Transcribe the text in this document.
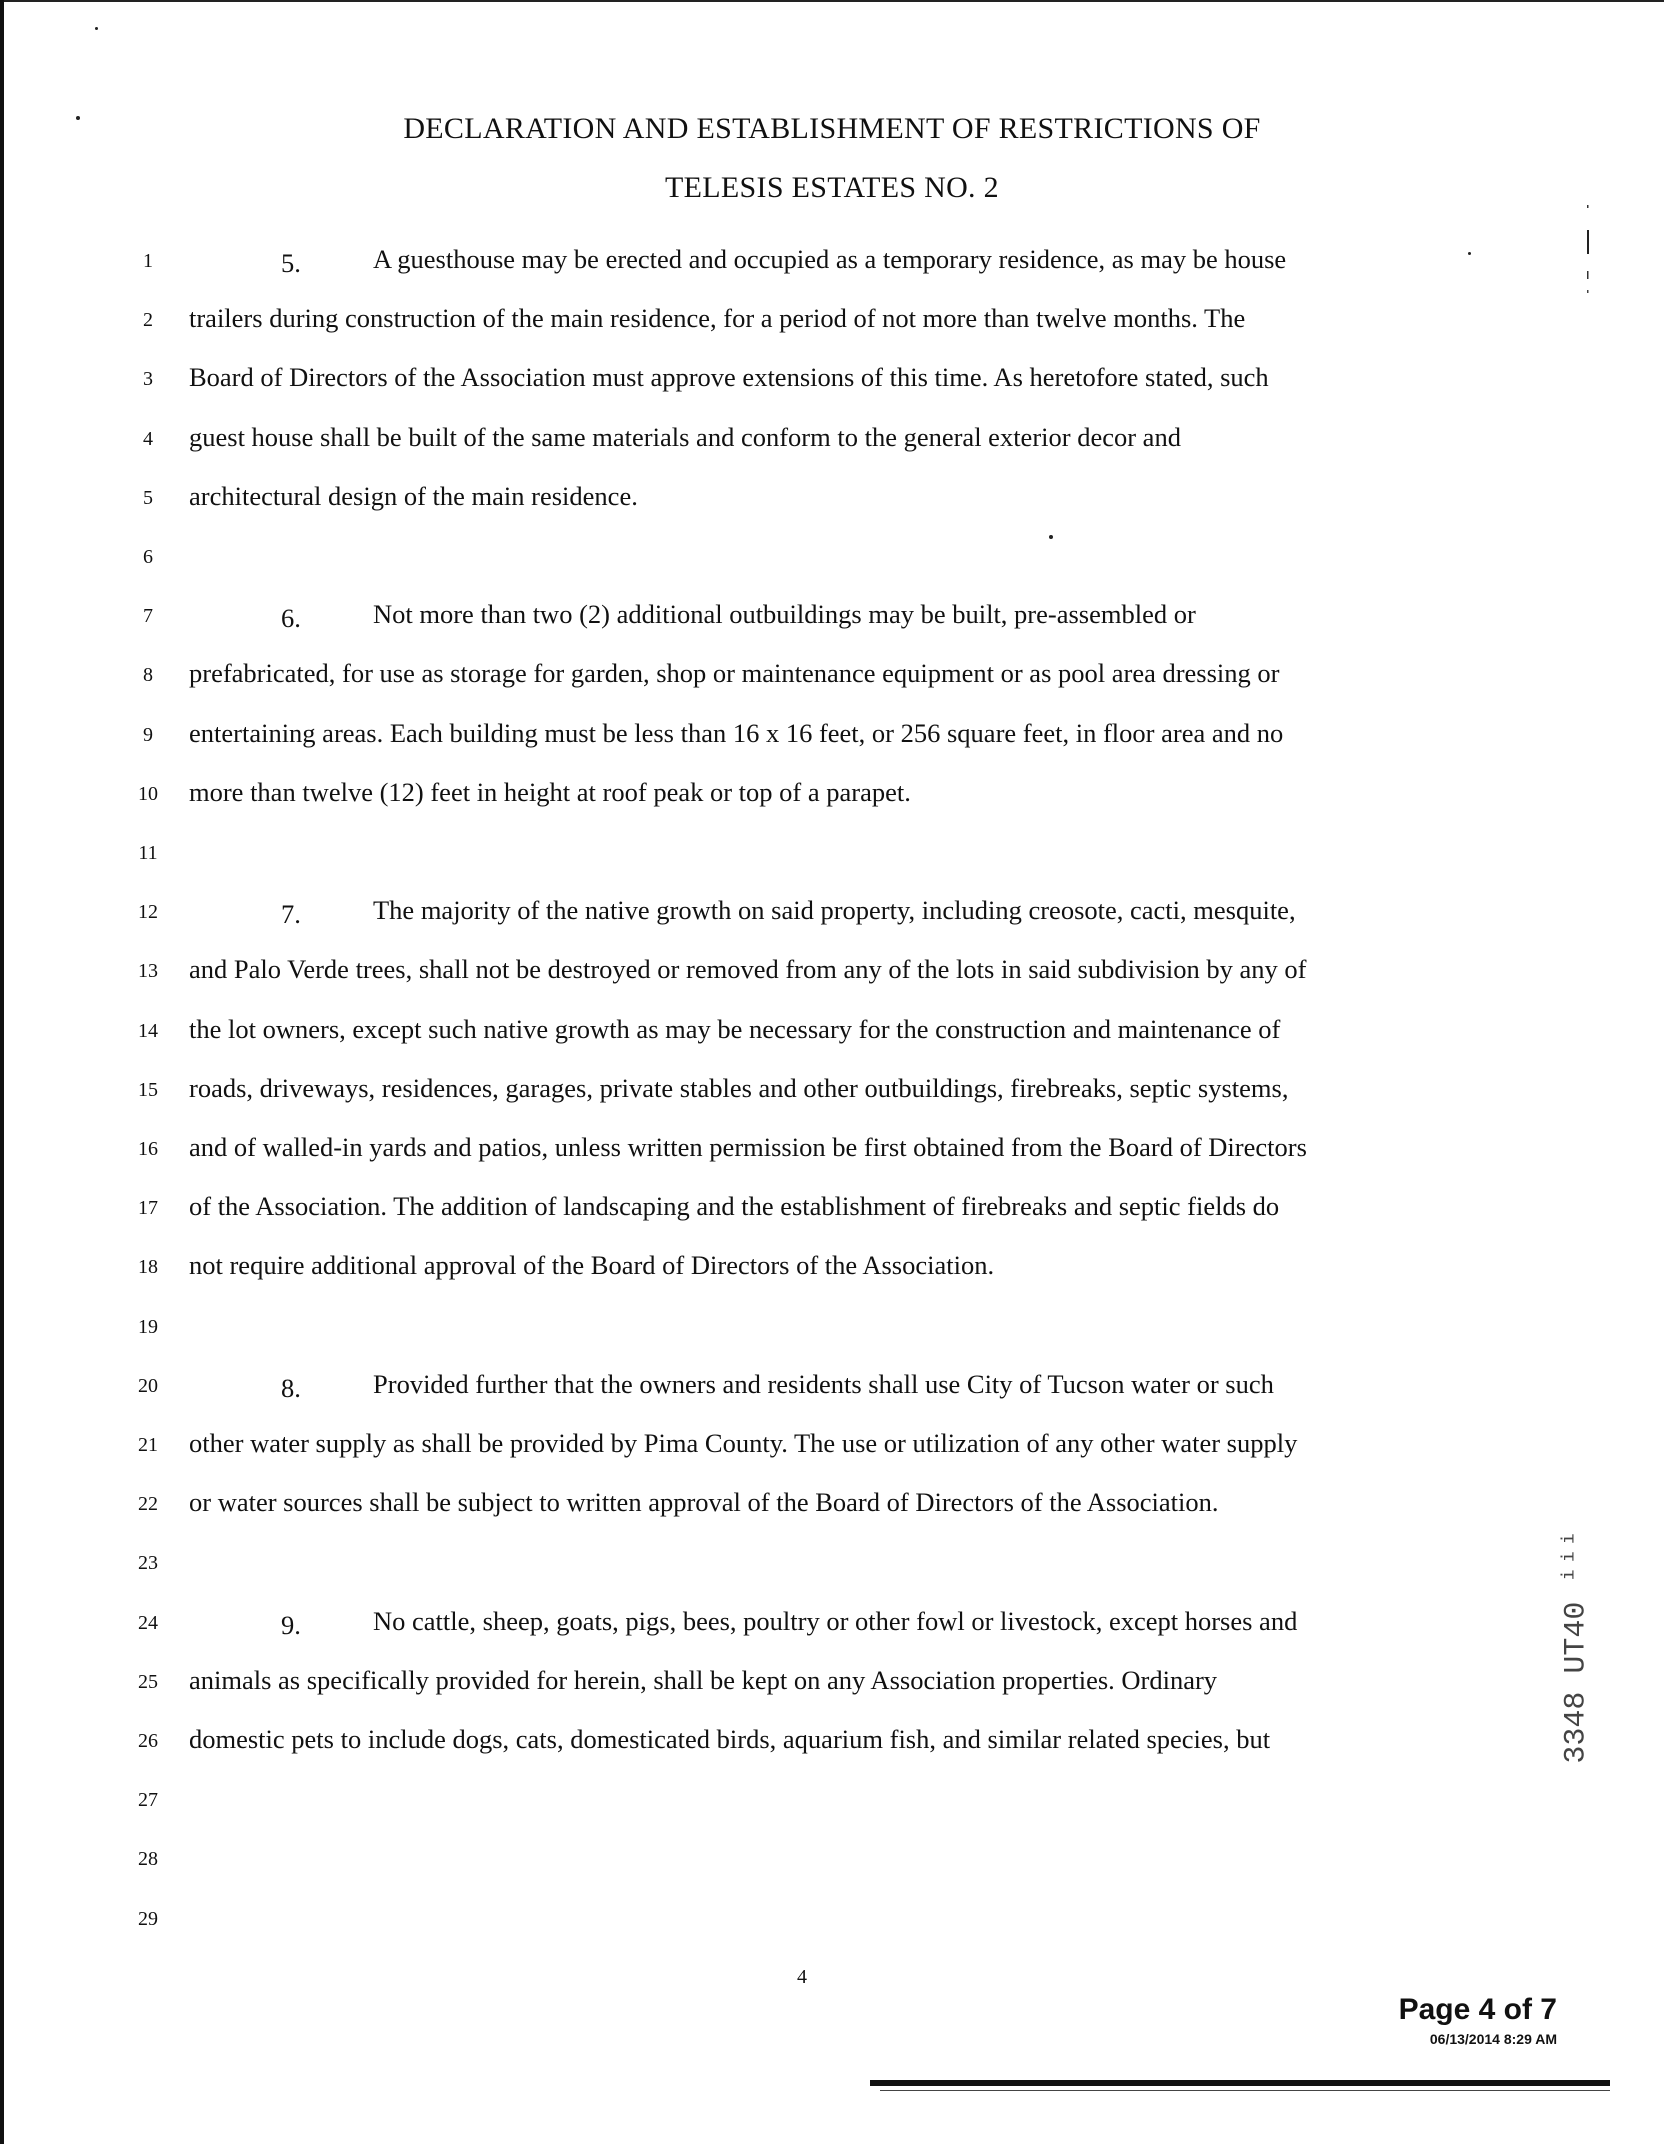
DECLARATION AND ESTABLISHMENT OF RESTRICTIONS OF
TELESIS ESTATES NO. 2
1
2
3
4
5
6
7
8
9
10
11
12
13
14
15
16
17
18
19
20
21
22
23
24
25
26
27
28
29
5.	A guesthouse may be erected and occupied as a temporary residence, as may be house
trailers during construction of the main residence, for a period of not more than twelve months. The
Board of Directors of the Association must approve extensions of this time. As heretofore stated, such
guest house shall be built of the same materials and conform to the general exterior decor and
architectural design of the main residence.
6.	Not more than two (2) additional outbuildings may be built, pre-assembled or
prefabricated, for use as storage for garden, shop or maintenance equipment or as pool area dressing or
entertaining areas. Each building must be less than 16 x 16 feet, or 256 square feet, in floor area and no
more than twelve (12) feet in height at roof peak or top of a parapet.
7.	The majority of the native growth on said property, including creosote, cacti, mesquite,
and Palo Verde trees, shall not be destroyed or removed from any of the lots in said subdivision by any of
the lot owners, except such native growth as may be necessary for the construction and maintenance of
roads, driveways, residences, garages, private stables and other outbuildings, firebreaks, septic systems,
and of walled-in yards and patios, unless written permission be first obtained from the Board of Directors
of the Association. The addition of landscaping and the establishment of firebreaks and septic fields do
not require additional approval of the Board of Directors of the Association.
8.	Provided further that the owners and residents shall use City of Tucson water or such
other water supply as shall be provided by Pima County. The use or utilization of any other water supply
or water sources shall be subject to written approval of the Board of Directors of the Association.
9.	No cattle, sheep, goats, pigs, bees, poultry or other fowl or livestock, except horses and
animals as specifically provided for herein, shall be kept on any Association properties. Ordinary
domestic pets to include dogs, cats, domesticated birds, aquarium fish, and similar related species, but
4
3348 UT40 ⁱⁱⁱ
Page 4 of 7
06/13/2014 8:29 AM
